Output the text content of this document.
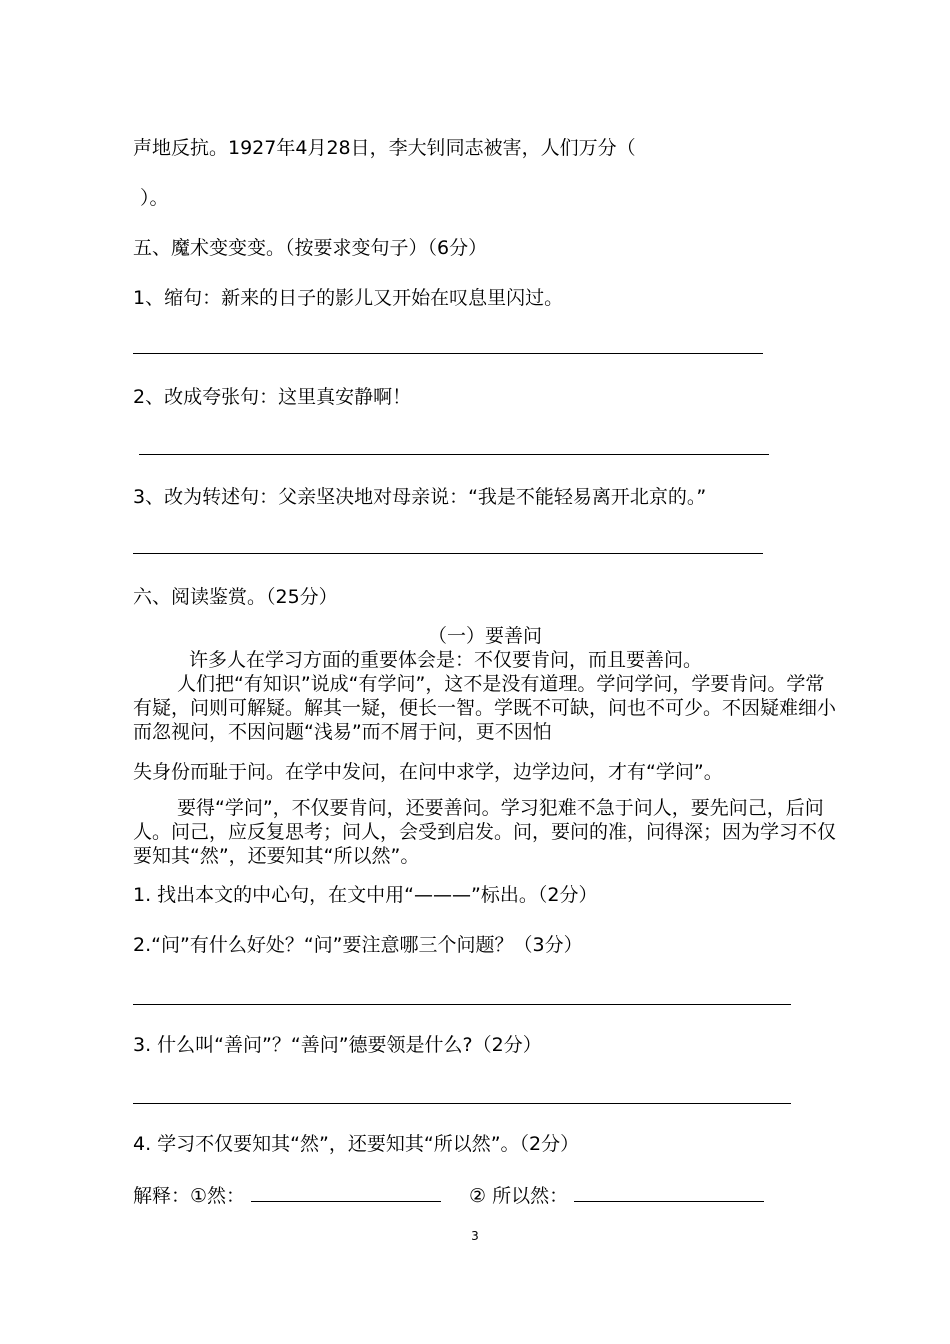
声地反抗。1927年4月28日，李大钊同志被害，人们万分（
）。
五、魔术变变变。（按要求变句子）（6分）
1、缩句：新来的日子的影儿又开始在叹息里闪过。
2、改成夸张句：这里真安静啊！
3、改为转述句：父亲坚决地对母亲说：“我是不能轻易离开北京的。”
六、阅读鉴赏。（25分）
（一）要善问
许多人在学习方面的重要体会是：不仅要肯问，而且要善问。
人们把“有知识”说成“有学问”，这不是没有道理。学问学问，学要肯问。学常有疑，问则可解疑。解其一疑，便长一智。学既不可缺，问也不可少。不因疑难细小而忽视问，不因问题“浅易”而不屑于问，更不因怕
失身份而耻于问。在学中发问，在问中求学，边学边问，才有“学问”。
要得“学问”，不仅要肯问，还要善问。学习犯难不急于问人，要先问己，后问人。问己，应反复思考；问人，会受到启发。问，要问的准，问得深；因为学习不仅要知其“然”，还要知其“所以然”。
1. 找出本文的中心句，在文中用“———”标出。（2分）
2.“问”有什么好处？“问”要注意哪三个问题？（3分）
3. 什么叫“善问”？“善问”德要领是什么?（2分）
4. 学习不仅要知其“然”，还要知其“所以然”。（2分）
解释：①然：	② 所以然：
3
